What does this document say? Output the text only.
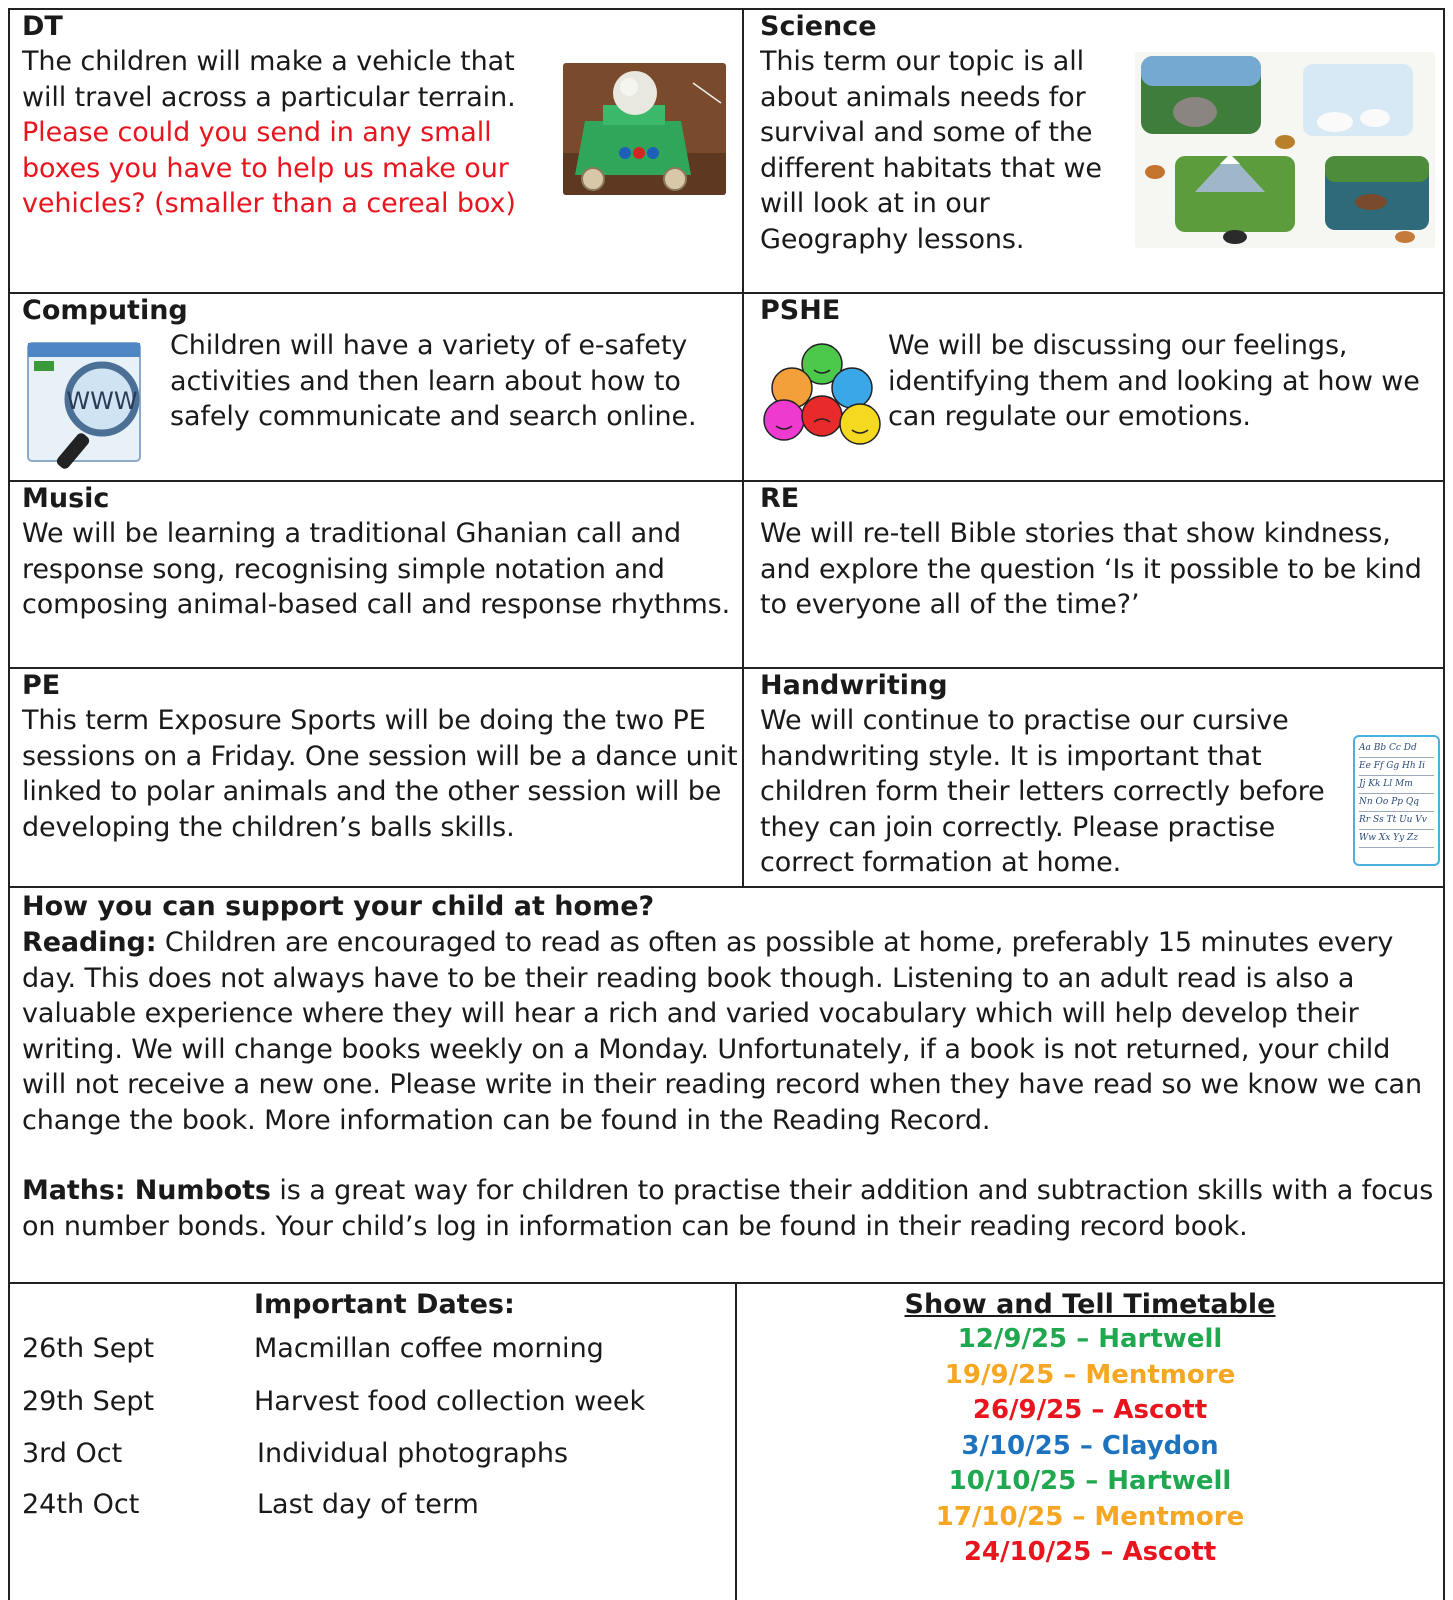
DT

The children will make a vehicle that will travel across a particular terrain. Please could you send in any small boxes you have to help us make our vehicles? (smaller than a cereal box)

Science

This term our topic is all about animals needs for survival and some of the different habitats that we will look at in our Geography lessons.

Computing

WWW

Children will have a variety of e-safety activities and then learn about how to safely communicate and search online.

PSHE

We will be discussing our feelings, identifying them and looking at how we can regulate our emotions.

Music

We will be learning a traditional Ghanian call and response song, recognising simple notation and composing animal-based call and response rhythms.

RE

We will re-tell Bible stories that show kindness, and explore the question ‘Is it possible to be kind to everyone all of the time?’

PE

This term Exposure Sports will be doing the two PE sessions on a Friday. One session will be a dance unit linked to polar animals and the other session will be developing the children’s balls skills.

Handwriting

We will continue to practise our cursive handwriting style. It is important that children form their letters correctly before they can join correctly. Please practise correct formation at home.

Aa Bb Cc Dd
Ee Ff Gg Hh Ii
Jj Kk Ll Mm
Nn Oo Pp Qq
Rr Ss Tt Uu Vv
Ww Xx Yy Zz

How you can support your child at home?

Reading: Children are encouraged to read as often as possible at home, preferably 15 minutes every day. This does not always have to be their reading book though. Listening to an adult read is also a valuable experience where they will hear a rich and varied vocabulary which will help develop their writing. We will change books weekly on a Monday. Unfortunately, if a book is not returned, your child will not receive a new one. Please write in their reading record when they have read so we know we can change the book. More information can be found in the Reading Record.

Maths: Numbots is a great way for children to practise their addition and subtraction skills with a focus on number bonds. Your child’s log in information can be found in their reading record book.

Important Dates:

26th Sept	Macmillan coffee morning
29th Sept	Harvest food collection week
3rd Oct	Individual photographs
24th Oct	Last day of term

Show and Tell Timetable

12/9/25 – Hartwell

19/9/25 – Mentmore

26/9/25 – Ascott

3/10/25 – Claydon

10/10/25 – Hartwell

17/10/25 – Mentmore

24/10/25 – Ascott
